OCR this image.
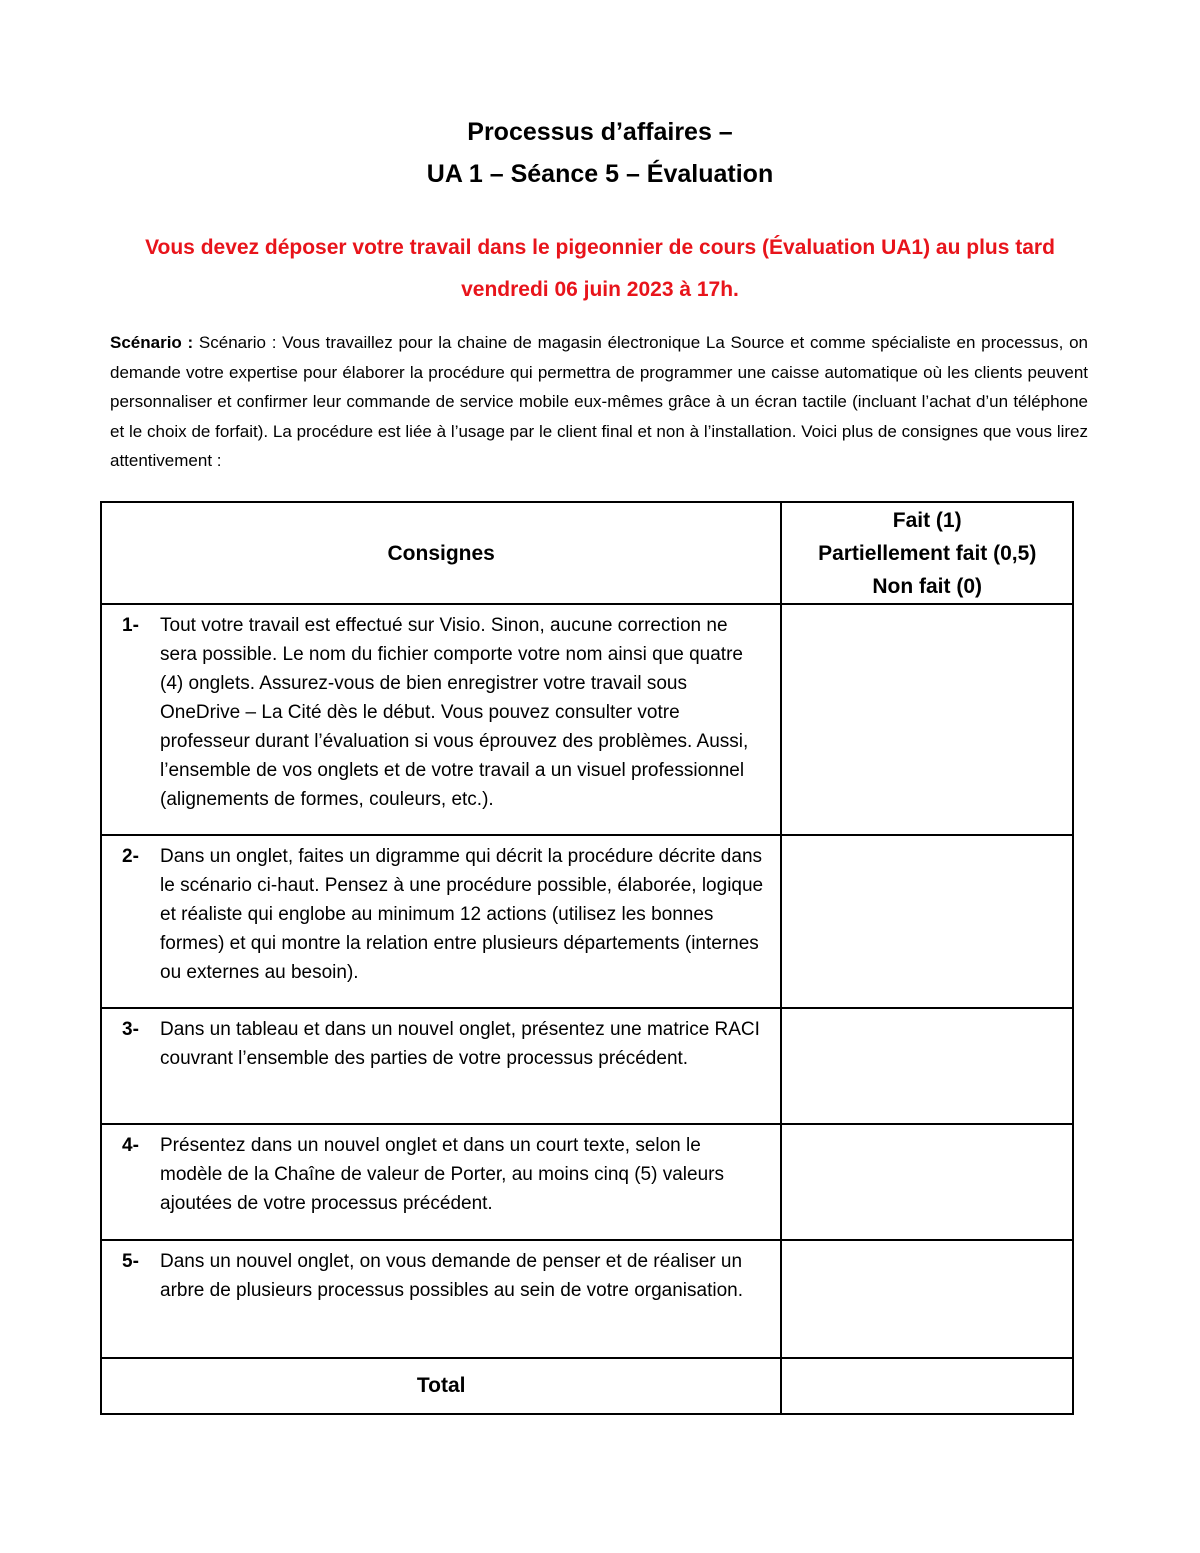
Processus d’affaires –
UA 1 – Séance 5 – Évaluation
Vous devez déposer votre travail dans le pigeonnier de cours (Évaluation UA1) au plus tard vendredi 06 juin 2023 à 17h.
Scénario : Scénario : Vous travaillez pour la chaine de magasin électronique La Source et comme spécialiste en processus, on demande votre expertise pour élaborer la procédure qui permettra de programmer une caisse automatique où les clients peuvent personnaliser et confirmer leur commande de service mobile eux-mêmes grâce à un écran tactile (incluant l’achat d’un téléphone et le choix de forfait). La procédure est liée à l’usage par le client final et non à l’installation. Voici plus de consignes que vous lirez attentivement :
Consignes	Fait (1)
Partiellement fait (0,5)
Non fait (0)

1- Tout votre travail est effectué sur Visio. Sinon, aucune correction ne sera possible. Le nom du fichier comporte votre nom ainsi que quatre (4) onglets. Assurez-vous de bien enregistrer votre travail sous OneDrive – La Cité dès le début. Vous pouvez consulter votre professeur durant l’évaluation si vous éprouvez des problèmes. Aussi, l’ensemble de vos onglets et de votre travail a un visuel professionnel (alignements de formes, couleurs, etc.).	

2- Dans un onglet, faites un digramme qui décrit la procédure décrite dans le scénario ci-haut. Pensez à une procédure possible, élaborée, logique et réaliste qui englobe au minimum 12 actions (utilisez les bonnes formes) et qui montre la relation entre plusieurs départements (internes ou externes au besoin).	

3- Dans un tableau et dans un nouvel onglet, présentez une matrice RACI couvrant l’ensemble des parties de votre processus précédent.	

4- Présentez dans un nouvel onglet et dans un court texte, selon le modèle de la Chaîne de valeur de Porter, au moins cinq (5) valeurs ajoutées de votre processus précédent.	

5- Dans un nouvel onglet, on vous demande de penser et de réaliser un arbre de plusieurs processus possibles au sein de votre organisation.	

Total	
